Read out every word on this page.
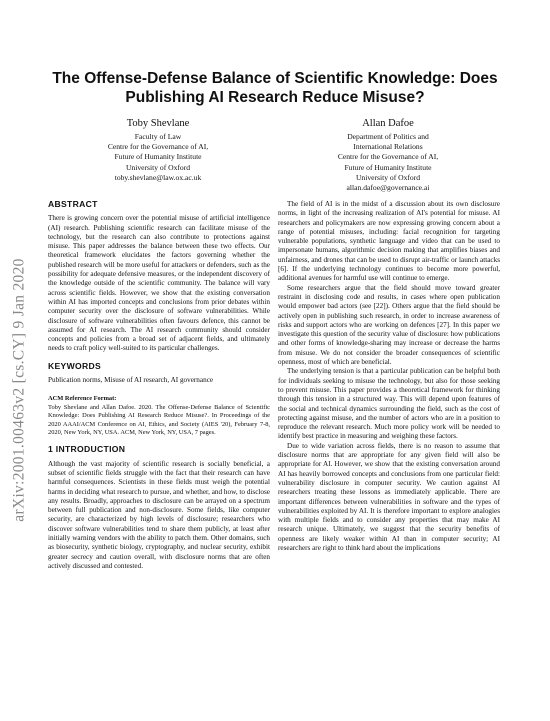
arXiv:2001.00463v2 [cs.CY] 9 Jan 2020
The Offense-Defense Balance of Scientific Knowledge: Does Publishing AI Research Reduce Misuse?
Toby Shevlane
Faculty of Law
Centre for the Governance of AI,
Future of Humanity Institute
University of Oxford
toby.shevlane@law.ox.ac.uk
Allan Dafoe
Department of Politics and
International Relations
Centre for the Governance of AI,
Future of Humanity Institute
University of Oxford
allan.dafoe@governance.ai
ABSTRACT

There is growing concern over the potential misuse of artificial intelligence (AI) research. Publishing scientific research can facilitate misuse of the technology, but the research can also contribute to protections against misuse. This paper addresses the balance between these two effects. Our theoretical framework elucidates the factors governing whether the published research will be more useful for attackers or defenders, such as the possibility for adequate defensive measures, or the independent discovery of the knowledge outside of the scientific community. The balance will vary across scientific fields. However, we show that the existing conversation within AI has imported concepts and conclusions from prior debates within computer security over the disclosure of software vulnerabilities. While disclosure of software vulnerabilities often favours defence, this cannot be assumed for AI research. The AI research community should consider concepts and policies from a broad set of adjacent fields, and ultimately needs to craft policy well-suited to its particular challenges.

KEYWORDS

Publication norms, Misuse of AI research, AI governance

ACM Reference Format:

Toby Shevlane and Allan Dafoe. 2020. The Offense-Defense Balance of Scientific Knowledge: Does Publishing AI Research Reduce Misuse?. In Proceedings of the 2020 AAAI/ACM Conference on AI, Ethics, and Society (AIES '20), February 7-8, 2020, New York, NY, USA. ACM, New York, NY, USA, 7 pages.

1 INTRODUCTION

Although the vast majority of scientific research is socially beneficial, a subset of scientific fields struggle with the fact that their research can have harmful consequences. Scientists in these fields must weigh the potential harms in deciding what research to pursue, and whether, and how, to disclose any results. Broadly, approaches to disclosure can be arrayed on a spectrum between full publication and non-disclosure. Some fields, like computer security, are characterized by high levels of disclosure; researchers who discover software vulnerabilities tend to share them publicly, at least after initially warning vendors with the ability to patch them. Other domains, such as biosecurity, synthetic biology, cryptography, and nuclear security, exhibit greater secrecy and caution overall, with disclosure norms that are often actively discussed and contested.

The field of AI is in the midst of a discussion about its own disclosure norms, in light of the increasing realization of AI's potential for misuse. AI researchers and policymakers are now expressing growing concern about a range of potential misuses, including: facial recognition for targeting vulnerable populations, synthetic language and video that can be used to impersonate humans, algorithmic decision making that amplifies biases and unfairness, and drones that can be used to disrupt air-traffic or launch attacks [6]. If the underlying technology continues to become more powerful, additional avenues for harmful use will continue to emerge.

Some researchers argue that the field should move toward greater restraint in disclosing code and results, in cases where open publication would empower bad actors (see [22]). Others argue that the field should be actively open in publishing such research, in order to increase awareness of risks and support actors who are working on defences [27]. In this paper we investigate this question of the security value of disclosure: how publications and other forms of knowledge-sharing may increase or decrease the harms from misuse. We do not consider the broader consequences of scientific openness, most of which are beneficial.

The underlying tension is that a particular publication can be helpful both for individuals seeking to misuse the technology, but also for those seeking to prevent misuse. This paper provides a theoretical framework for thinking through this tension in a structured way. This will depend upon features of the social and technical dynamics surrounding the field, such as the cost of protecting against misuse, and the number of actors who are in a position to reproduce the relevant research. Much more policy work will be needed to identify best practice in measuring and weighing these factors.

Due to wide variation across fields, there is no reason to assume that disclosure norms that are appropriate for any given field will also be appropriate for AI. However, we show that the existing conversation around AI has heavily borrowed concepts and conclusions from one particular field: vulnerability disclosure in computer security. We caution against AI researchers treating these lessons as immediately applicable. There are important differences between vulnerabilities in software and the types of vulnerabilities exploited by AI. It is therefore important to explore analogies with multiple fields and to consider any properties that may make AI research unique. Ultimately, we suggest that the security benefits of openness are likely weaker within AI than in computer security; AI researchers are right to think hard about the implications
